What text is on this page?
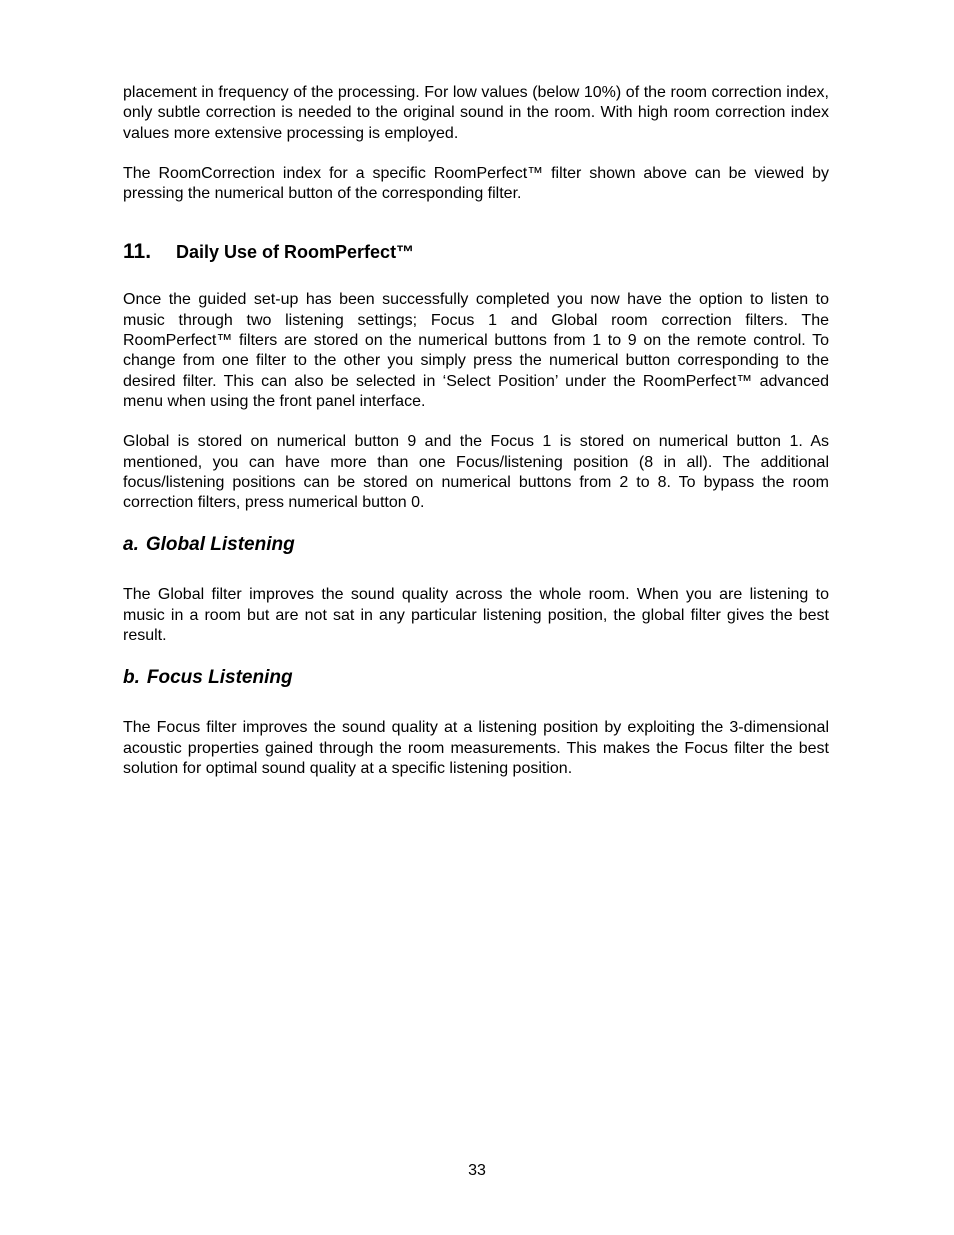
placement in frequency of the processing. For low values (below 10%) of the room correction index, only subtle correction is needed to the original sound in the room. With high room correction index values more extensive processing is employed.

The RoomCorrection index for a specific RoomPerfect™ filter shown above can be viewed by pressing the numerical button of the corresponding filter.

11.	Daily Use of RoomPerfect™

Once the guided set-up has been successfully completed you now have the option to listen to music through two listening settings; Focus 1 and Global room correction filters. The RoomPerfect™ filters are stored on the numerical buttons from 1 to 9 on the remote control. To change from one filter to the other you simply press the numerical button corresponding to the desired filter. This can also be selected in ‘Select Position’ under the RoomPerfect™ advanced menu when using the front panel interface.

Global is stored on numerical button 9 and the Focus 1 is stored on numerical button 1. As mentioned, you can have more than one Focus/listening position (8 in all). The additional focus/listening positions can be stored on numerical buttons from 2 to 8. To bypass the room correction filters, press numerical button 0.

a. Global Listening

The Global filter improves the sound quality across the whole room. When you are listening to music in a room but are not sat in any particular listening position, the global filter gives the best result.

b. Focus Listening

The Focus filter improves the sound quality at a listening position by exploiting the 3-dimensional acoustic properties gained through the room measurements. This makes the Focus filter the best solution for optimal sound quality at a specific listening position.

33
